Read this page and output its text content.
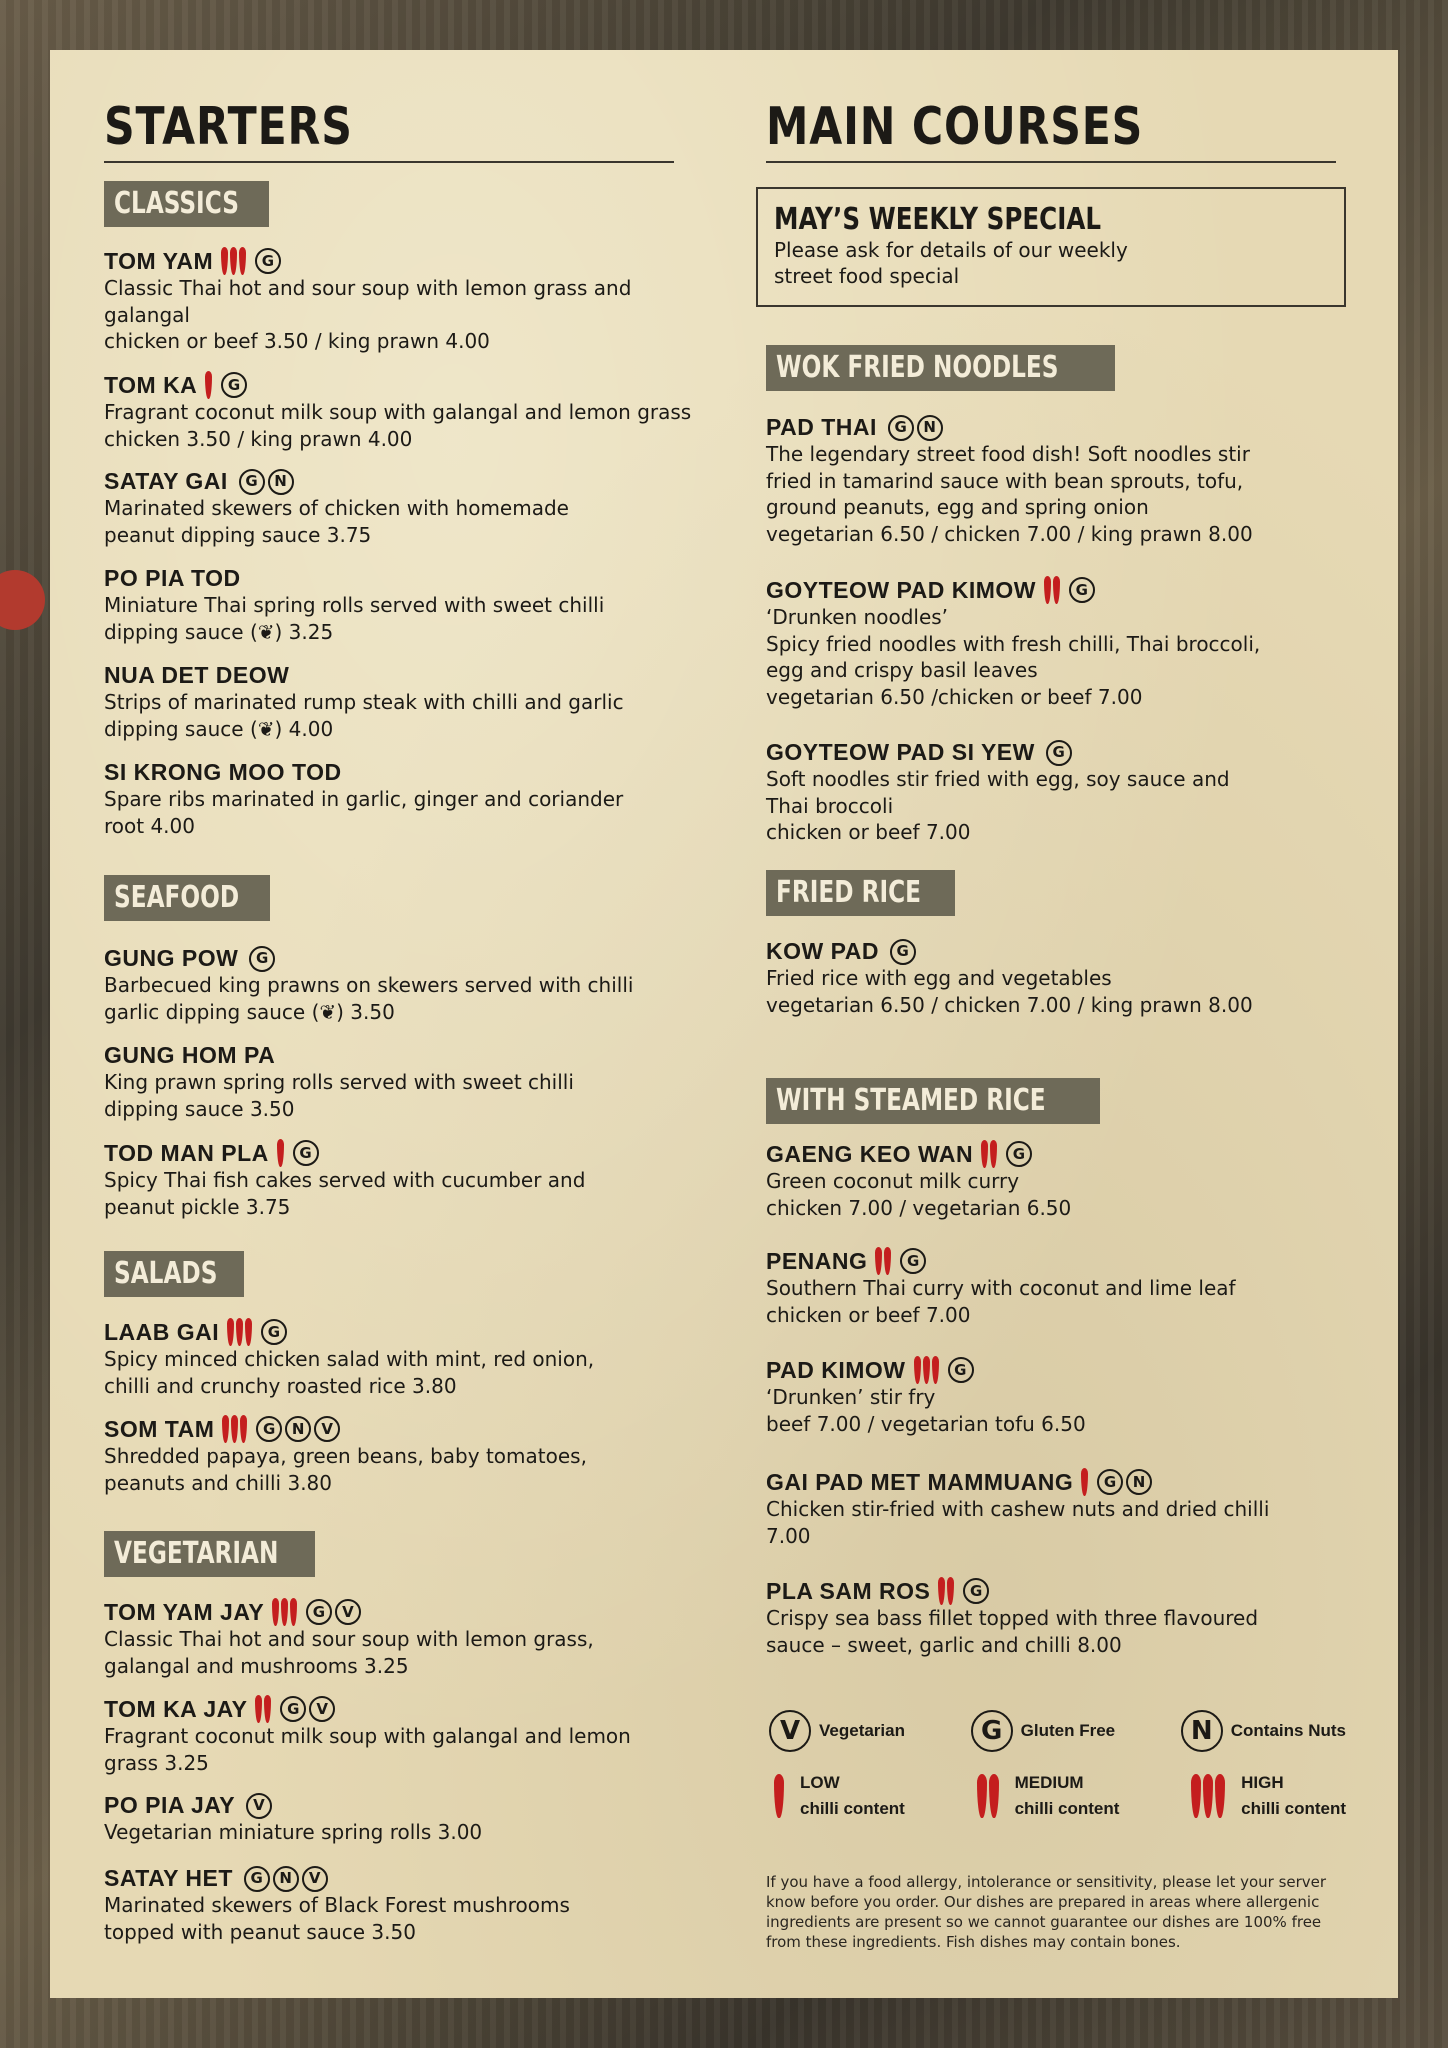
STARTERS
CLASSICS
SEAFOOD
SALADS
VEGETARIAN
TOM YAM	G
Classic Thai hot and sour soup with lemon grass and
galangal
chicken or beef 3.50 / king prawn 4.00
TOM KA	G
Fragrant coconut milk soup with galangal and lemon grass
chicken 3.50 / king prawn 4.00
SATAY GAI	G	N
Marinated skewers of chicken with homemade
peanut dipping sauce 3.75
PO PIA TOD
Miniature Thai spring rolls served with sweet chilli
dipping sauce (❦) 3.25
NUA DET DEOW
Strips of marinated rump steak with chilli and garlic
dipping sauce (❦) 4.00
SI KRONG MOO TOD
Spare ribs marinated in garlic, ginger and coriander
root 4.00
GUNG POW	G
Barbecued king prawns on skewers served with chilli
garlic dipping sauce (❦) 3.50
GUNG HOM PA
King prawn spring rolls served with sweet chilli
dipping sauce 3.50
TOD MAN PLA	G
Spicy Thai fish cakes served with cucumber and
peanut pickle 3.75
LAAB GAI	G
Spicy minced chicken salad with mint, red onion,
chilli and crunchy roasted rice 3.80
SOM TAM	G	N	V
Shredded papaya, green beans, baby tomatoes,
peanuts and chilli 3.80
TOM YAM JAY	G	V
Classic Thai hot and sour soup with lemon grass,
galangal and mushrooms 3.25
TOM KA JAY	G	V
Fragrant coconut milk soup with galangal and lemon
grass 3.25
PO PIA JAY	V
Vegetarian miniature spring rolls 3.00
SATAY HET	G	N	V
Marinated skewers of Black Forest mushrooms
topped with peanut sauce 3.50
MAIN COURSES
MAY’S WEEKLY SPECIAL
Please ask for details of our weekly
street food special
WOK FRIED NOODLES
FRIED RICE
WITH STEAMED RICE
PAD THAI	G	N
The legendary street food dish! Soft noodles stir
fried in tamarind sauce with bean sprouts, tofu,
ground peanuts, egg and spring onion
vegetarian 6.50 / chicken 7.00 / king prawn 8.00
GOYTEOW PAD KIMOW	G
‘Drunken noodles’
Spicy fried noodles with fresh chilli, Thai broccoli,
egg and crispy basil leaves
vegetarian 6.50 /chicken or beef 7.00
GOYTEOW PAD SI YEW	G
Soft noodles stir fried with egg, soy sauce and
Thai broccoli
chicken or beef 7.00
KOW PAD	G
Fried rice with egg and vegetables
vegetarian 6.50 / chicken 7.00 / king prawn 8.00
GAENG KEO WAN	G
Green coconut milk curry
chicken 7.00 / vegetarian 6.50
PENANG	G
Southern Thai curry with coconut and lime leaf
chicken or beef 7.00
PAD KIMOW	G
‘Drunken’ stir fry
beef 7.00 / vegetarian tofu 6.50
GAI PAD MET MAMMUANG	G	N
Chicken stir-fried with cashew nuts and dried chilli
7.00
PLA SAM ROS	G
Crispy sea bass fillet topped with three flavoured
sauce – sweet, garlic and chilli 8.00
V	Vegetarian	G	Gluten Free	N	Contains Nuts
LOW
chilli content
MEDIUM
chilli content
HIGH
chilli content
If you have a food allergy, intolerance or sensitivity, please let your server
know before you order. Our dishes are prepared in areas where allergenic
ingredients are present so we cannot guarantee our dishes are 100% free
from these ingredients. Fish dishes may contain bones.
